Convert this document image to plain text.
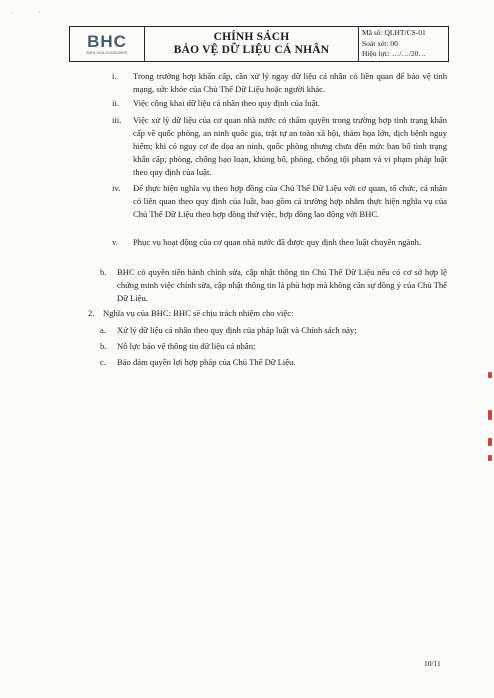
·	´
BHC
BIEN HOA CONSUMER
CHÍNH SÁCH
BẢO VỆ DỮ LIỆU CÁ NHÂN
Mã số: QLHT/CS-01
Soát xét: 00
Hiệu lực: …/…/20…
i. Trong trường hợp khẩn cấp, cần xử lý ngay dữ liệu cá nhân có liên quan để bảo vệ tính mạng, sức khỏe của Chủ Thể Dữ Liệu hoặc người khác.
ii. Việc công khai dữ liệu cá nhân theo quy định của luật.
iii. Việc xử lý dữ liệu của cơ quan nhà nước có thẩm quyền trong trường hợp tình trạng khẩn cấp về quốc phòng, an ninh quốc gia, trật tự an toàn xã hội, thảm họa lớn, dịch bệnh nguy hiểm; khi có nguy cơ đe dọa an ninh, quốc phòng nhưng chưa đến mức ban bố tình trạng khẩn cấp; phòng, chống bạo loạn, khủng bố, phòng, chống tội phạm và vi phạm pháp luật theo quy định của luật.
iv. Để thực hiện nghĩa vụ theo hợp đồng của Chủ Thể Dữ Liệu với cơ quan, tổ chức, cá nhân có liên quan theo quy định của luật, bao gồm cả trường hợp nhằm thực hiện nghĩa vụ của Chủ Thể Dữ Liệu theo hợp đồng thử việc, hợp đồng lao động với BHC.
v. Phục vụ hoạt động của cơ quan nhà nước đã được quy định theo luật chuyên ngành.
b. BHC có quyền tiến hành chỉnh sửa, cập nhật thông tin Chủ Thể Dữ Liệu nếu có cơ sở hợp lệ chứng minh việc chỉnh sửa, cập nhật thông tin là phù hợp mà không cần sự đồng ý của Chủ Thể Dữ Liệu.
2. Nghĩa vụ của BHC: BHC sẽ chịu trách nhiệm cho việc:
a. Xử lý dữ liệu cá nhân theo quy định của pháp luật và Chính sách này;
b. Nỗ lực bảo vệ thông tin dữ liệu cá nhân;
c. Bảo đảm quyền lợi hợp pháp của Chủ Thể Dữ Liệu.
10/11
